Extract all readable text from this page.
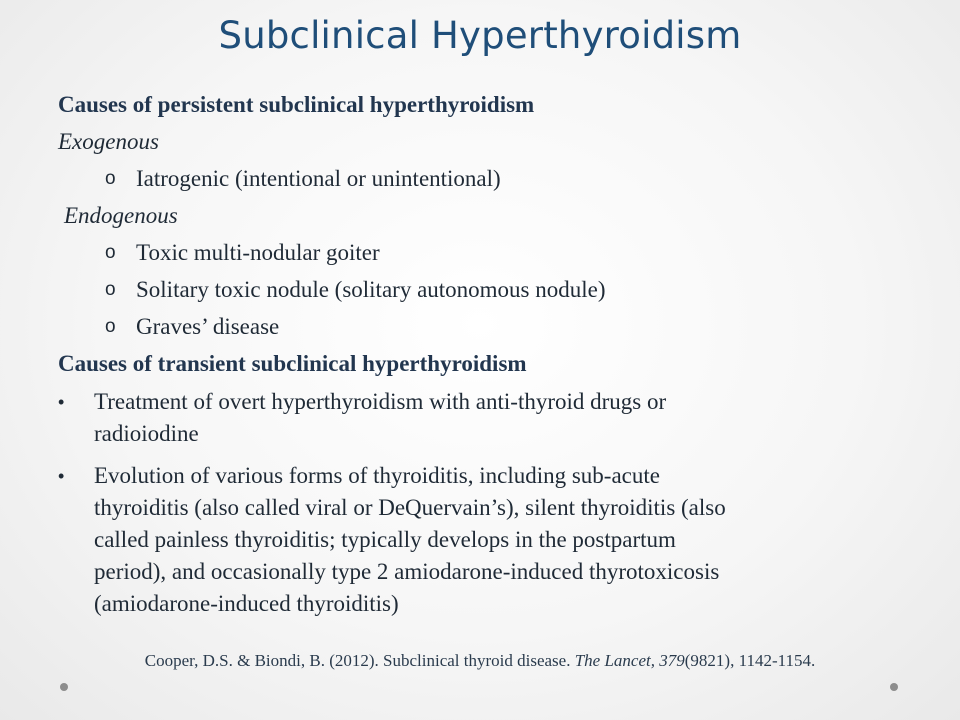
Subclinical Hyperthyroidism
Causes of persistent subclinical hyperthyroidism
Exogenous
o Iatrogenic (intentional or unintentional)
Endogenous
o Toxic multi-nodular goiter
o Solitary toxic nodule (solitary autonomous nodule)
o Graves’ disease
Causes of transient subclinical hyperthyroidism
• Treatment of overt hyperthyroidism with anti-thyroid drugs or
radioiodine
• Evolution of various forms of thyroiditis, including sub-acute
thyroiditis (also called viral or DeQuervain’s), silent thyroiditis (also
called painless thyroiditis; typically develops in the postpartum
period), and occasionally type 2 amiodarone-induced thyrotoxicosis
(amiodarone-induced thyroiditis)
Cooper, D.S. & Biondi, B. (2012). Subclinical thyroid disease. The Lancet, 379(9821), 1142-1154.
